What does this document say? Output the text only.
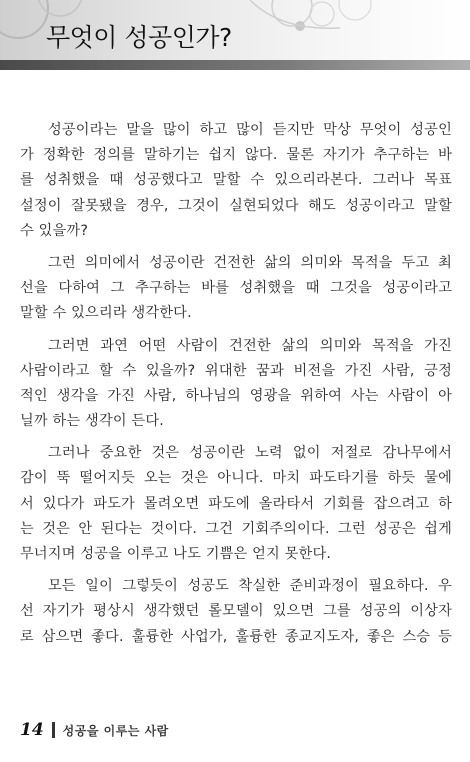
무엇이 성공인가?
성공이라는 말을 많이 하고 많이 듣지만 막상 무엇이 성공인
가 정확한 정의를 말하기는 쉽지 않다. 물론 자기가 추구하는 바
를 성취했을 때 성공했다고 말할 수 있으리라본다. 그러나 목표
설정이 잘못됐을 경우, 그것이 실현되었다 해도 성공이라고 말할
수 있을까?
그런 의미에서 성공이란 건전한 삶의 의미와 목적을 두고 최
선을 다하여 그 추구하는 바를 성취했을 때 그것을 성공이라고
말할 수 있으리라 생각한다.
그러면 과연 어떤 사람이 건전한 삶의 의미와 목적을 가진
사람이라고 할 수 있을까? 위대한 꿈과 비전을 가진 사람, 긍정
적인 생각을 가진 사람, 하나님의 영광을 위하여 사는 사람이 아
닐까 하는 생각이 든다.
그러나 중요한 것은 성공이란 노력 없이 저절로 감나무에서
감이 뚝 떨어지듯 오는 것은 아니다. 마치 파도타기를 하듯 물에
서 있다가 파도가 몰려오면 파도에 올라타서 기회를 잡으려고 하
는 것은 안 된다는 것이다. 그건 기회주의이다. 그런 성공은 쉽게
무너지며 성공을 이루고 나도 기쁨은 얻지 못한다.
모든 일이 그렇듯이 성공도 착실한 준비과정이 필요하다. 우
선 자기가 평상시 생각했던 롤모델이 있으면 그를 성공의 이상자
로 삼으면 좋다. 훌륭한 사업가, 훌륭한 종교지도자, 좋은 스승 등
14 성공을 이루는 사람
